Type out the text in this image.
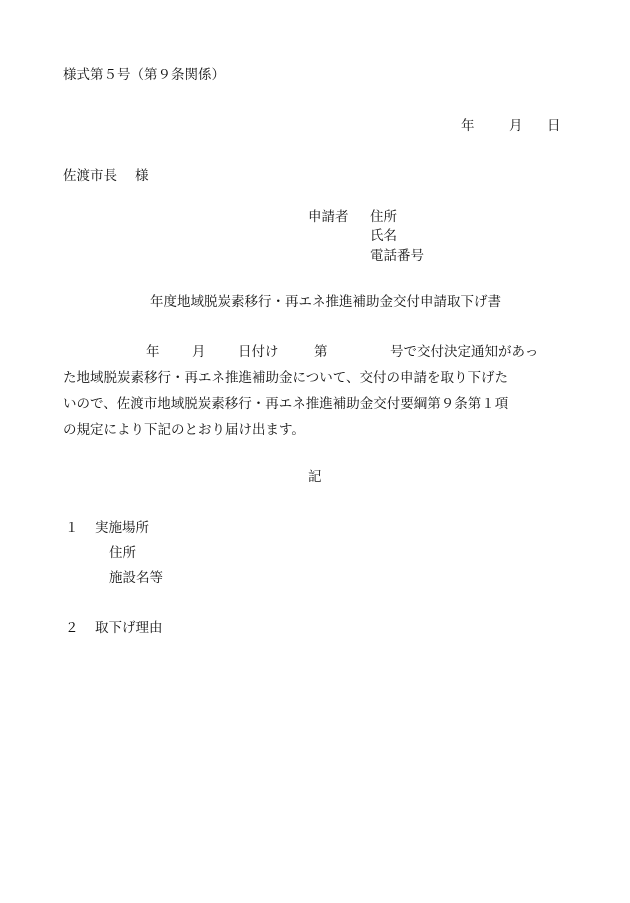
様式第５号（第９条関係）
年	月 日
佐渡市長 様
申請者 住所
氏名
電話番号
年度地域脱炭素移行・再エネ推進補助金交付申請取下げ書
年 月 日付け	第	号で交付決定通知があっ
た地域脱炭素移行・再エネ推進補助金について、交付の申請を取り下げた
いので、佐渡市地域脱炭素移行・再エネ推進補助金交付要綱第９条第１項
の規定により下記のとおり届け出ます。
記
１ 実施場所
住所
施設名等
２ 取下げ理由
